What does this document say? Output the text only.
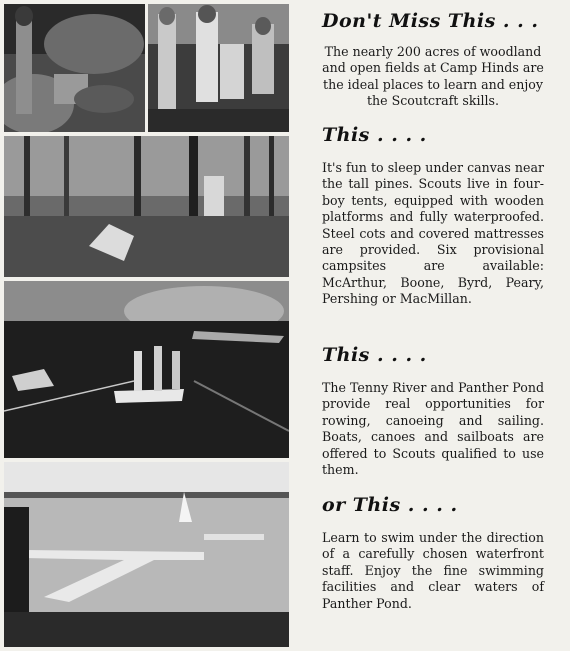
Don't Miss This . . .

The nearly 200 acres of woodland and open fields at Camp Hinds are the ideal places to learn and enjoy the Scoutcraft skills.

This . . . .

It's fun to sleep under canvas near the tall pines. Scouts live in four-boy tents, equipped with wooden platforms and fully waterproofed. Steel cots and covered mattresses are provided. Six provisional campsites are available: McArthur, Boone, Byrd, Peary, Pershing or MacMillan.

This . . . .

The Tenny River and Panther Pond provide real opportunities for rowing, canoeing and sailing. Boats, canoes and sailboats are offered to Scouts qualified to use them.

or This . . . .

Learn to swim under the direction of a carefully chosen waterfront staff. Enjoy the fine swimming facilities and clear waters of Panther Pond.
